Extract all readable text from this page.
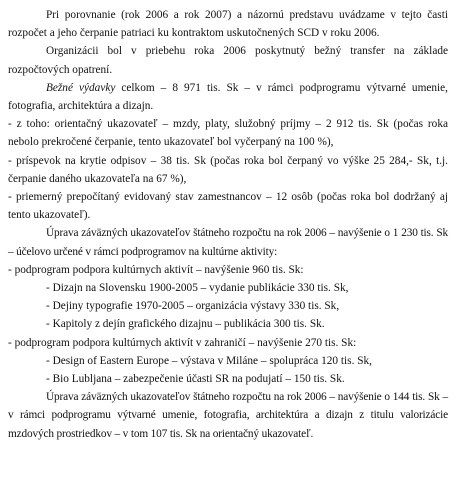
Pri porovnanie (rok 2006 a rok 2007) a názornú predstavu uvádzame v tejto časti rozpočet a jeho čerpanie patriaci ku kontraktom uskutočnených SCD v roku 2006.

Organizácii bol v priebehu roka 2006 poskytnutý bežný transfer na základe rozpočtových opatrení.

Bežné výdavky celkom – 8 971 tis. Sk – v rámci podprogramu výtvarné umenie, fotografia, architektúra a dizajn.

- z toho: orientačný ukazovateľ – mzdy, platy, služobný príjmy – 2 912 tis. Sk (počas roka nebolo prekročené čerpanie, tento ukazovateľ bol vyčerpaný na 100 %),

- príspevok na krytie odpisov – 38 tis. Sk (počas roka bol čerpaný vo výške 25 284,- Sk, t.j. čerpanie daného ukazovateľa na 67 %),

- priemerný prepočítaný evidovaný stav zamestnancov – 12 osôb (počas roka bol dodržaný aj tento ukazovateľ).

Úprava záväzných ukazovateľov štátneho rozpočtu na rok 2006 – navýšenie o 1 230 tis. Sk – účelovo určené v rámci podprogramov na kultúrne aktivity:

- podprogram podpora kultúrnych aktivít – navýšenie 960 tis. Sk:

- Dizajn na Slovensku 1900-2005 – vydanie publikácie 330 tis. Sk,

- Dejiny typografie 1970-2005 – organizácia výstavy 330 tis. Sk,

- Kapitoly z dejín grafického dizajnu – publikácia 300 tis. Sk.

- podprogram podpora kultúrnych aktivít v zahraničí – navýšenie 270 tis. Sk:

- Design of Eastern Europe – výstava v Miláne – spolupráca 120 tis. Sk,

- Bio Lubljana – zabezpečenie účasti SR na podujatí – 150 tis. Sk.

Úprava záväzných ukazovateľov štátneho rozpočtu na rok 2006 – navýšenie o 144 tis. Sk – v rámci podprogramu výtvarné umenie, fotografia, architektúra a dizajn z titulu valorizácie mzdových prostriedkov – v tom 107 tis. Sk na orientačný ukazovateľ.
